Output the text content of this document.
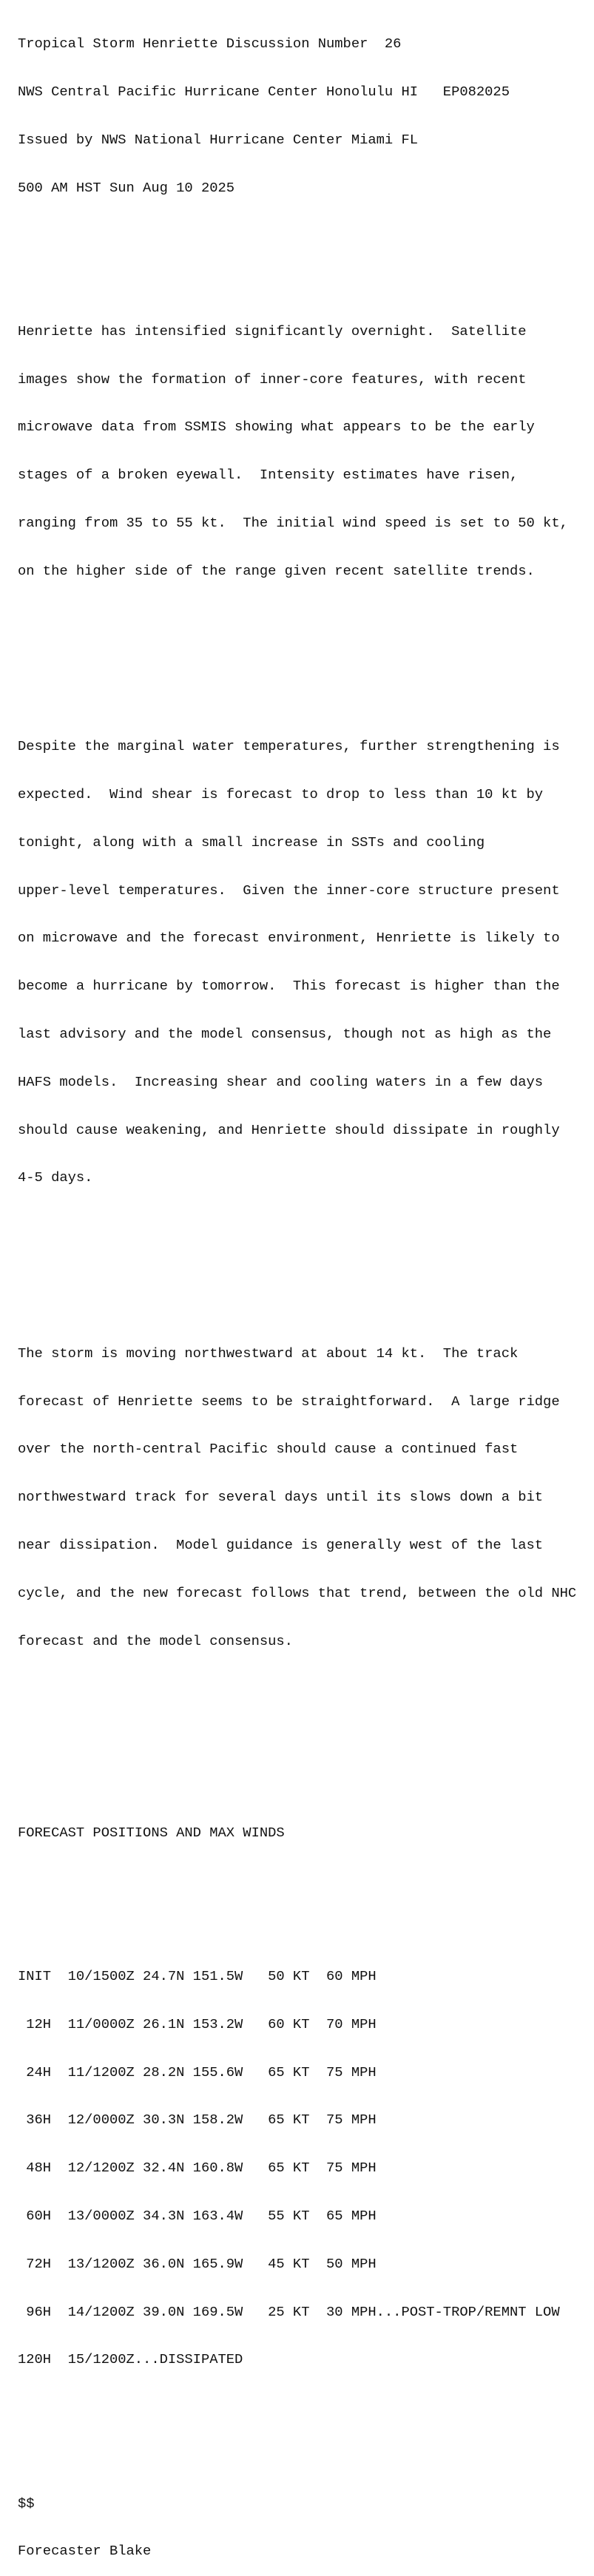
Tropical Storm Henriette Discussion Number  26

NWS Central Pacific Hurricane Center Honolulu HI   EP082025

Issued by NWS National Hurricane Center Miami FL

500 AM HST Sun Aug 10 2025

Henriette has intensified significantly overnight.  Satellite

images show the formation of inner-core features, with recent

microwave data from SSMIS showing what appears to be the early

stages of a broken eyewall.  Intensity estimates have risen,

ranging from 35 to 55 kt.  The initial wind speed is set to 50 kt,

on the higher side of the range given recent satellite trends.

Despite the marginal water temperatures, further strengthening is

expected.  Wind shear is forecast to drop to less than 10 kt by

tonight, along with a small increase in SSTs and cooling

upper-level temperatures.  Given the inner-core structure present

on microwave and the forecast environment, Henriette is likely to

become a hurricane by tomorrow.  This forecast is higher than the

last advisory and the model consensus, though not as high as the

HAFS models.  Increasing shear and cooling waters in a few days

should cause weakening, and Henriette should dissipate in roughly

4-5 days.

The storm is moving northwestward at about 14 kt.  The track

forecast of Henriette seems to be straightforward.  A large ridge

over the north-central Pacific should cause a continued fast

northwestward track for several days until its slows down a bit

near dissipation.  Model guidance is generally west of the last

cycle, and the new forecast follows that trend, between the old NHC

forecast and the model consensus.

FORECAST POSITIONS AND MAX WINDS

INIT  10/1500Z 24.7N 151.5W   50 KT  60 MPH

12H  11/0000Z 26.1N 153.2W   60 KT  70 MPH

24H  11/1200Z 28.2N 155.6W   65 KT  75 MPH

36H  12/0000Z 30.3N 158.2W   65 KT  75 MPH

48H  12/1200Z 32.4N 160.8W   65 KT  75 MPH

60H  13/0000Z 34.3N 163.4W   55 KT  65 MPH

72H  13/1200Z 36.0N 165.9W   45 KT  50 MPH

96H  14/1200Z 39.0N 169.5W   25 KT  30 MPH...POST-TROP/REMNT LOW

120H  15/1200Z...DISSIPATED

$$

Forecaster Blake
